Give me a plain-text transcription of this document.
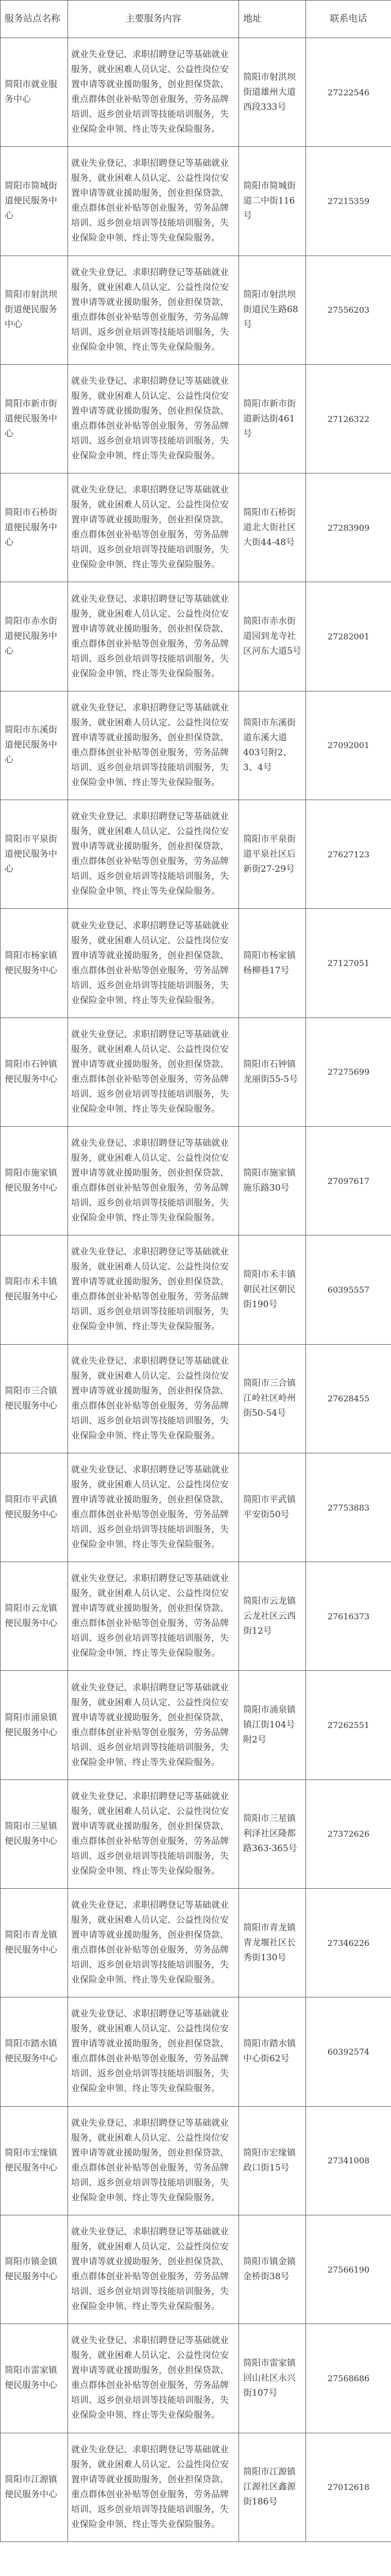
服务站点名称	主要服务内容	地址	联系电话
简阳市就业服务中心	就业失业登记、求职招聘登记等基础就业服务，就业困难人员认定、公益性岗位安置申请等就业援助服务，创业担保贷款、重点群体创业补贴等创业服务，劳务品牌培训、返乡创业培训等技能培训服务，失业保险金申领、终止等失业保险服务。	简阳市射洪坝街道雄州大道西段333号	27222546
简阳市简城街道便民服务中心	就业失业登记、求职招聘登记等基础就业服务，就业困难人员认定、公益性岗位安置申请等就业援助服务，创业担保贷款、重点群体创业补贴等创业服务，劳务品牌培训、返乡创业培训等技能培训服务，失业保险金申领、终止等失业保险服务。	简阳市简城街道二中街116号	27215359
简阳市射洪坝街道便民服务中心	就业失业登记、求职招聘登记等基础就业服务，就业困难人员认定、公益性岗位安置申请等就业援助服务，创业担保贷款、重点群体创业补贴等创业服务，劳务品牌培训、返乡创业培训等技能培训服务，失业保险金申领、终止等失业保险服务。	简阳市射洪坝街道民生路68号	27556203
简阳市新市街道便民服务中心	就业失业登记、求职招聘登记等基础就业服务，就业困难人员认定、公益性岗位安置申请等就业援助服务，创业担保贷款、重点群体创业补贴等创业服务，劳务品牌培训、返乡创业培训等技能培训服务，失业保险金申领、终止等失业保险服务。	简阳市新市街道新达街461号	27126322
简阳市石桥街道便民服务中心	就业失业登记、求职招聘登记等基础就业服务，就业困难人员认定、公益性岗位安置申请等就业援助服务，创业担保贷款、重点群体创业补贴等创业服务，劳务品牌培训、返乡创业培训等技能培训服务，失业保险金申领、终止等失业保险服务。	简阳市石桥街道北大街社区大街44-48号	27283909
简阳市赤水街道便民服务中心	就业失业登记、求职招聘登记等基础就业服务，就业困难人员认定、公益性岗位安置申请等就业援助服务，创业担保贷款、重点群体创业补贴等创业服务，劳务品牌培训、返乡创业培训等技能培训服务，失业保险金申领、终止等失业保险服务。	简阳市赤水街道园到龙寺社区河东大道5号	27282001
简阳市东溪街道便民服务中心	就业失业登记、求职招聘登记等基础就业服务，就业困难人员认定、公益性岗位安置申请等就业援助服务，创业担保贷款、重点群体创业补贴等创业服务，劳务品牌培训、返乡创业培训等技能培训服务，失业保险金申领、终止等失业保险服务。	简阳市东溪街道东溪大道403号附2、3、4号	27092001
简阳市平泉街道便民服务中心	就业失业登记、求职招聘登记等基础就业服务，就业困难人员认定、公益性岗位安置申请等就业援助服务，创业担保贷款、重点群体创业补贴等创业服务，劳务品牌培训、返乡创业培训等技能培训服务，失业保险金申领、终止等失业保险服务。	简阳市平泉街道平泉社区后新街27-29号	27627123
简阳市杨家镇便民服务中心	就业失业登记、求职招聘登记等基础就业服务，就业困难人员认定、公益性岗位安置申请等就业援助服务，创业担保贷款、重点群体创业补贴等创业服务，劳务品牌培训、返乡创业培训等技能培训服务，失业保险金申领、终止等失业保险服务。	简阳市杨家镇杨柳巷17号	27127051
简阳市石钟镇便民服务中心	就业失业登记、求职招聘登记等基础就业服务，就业困难人员认定、公益性岗位安置申请等就业援助服务，创业担保贷款、重点群体创业补贴等创业服务，劳务品牌培训、返乡创业培训等技能培训服务，失业保险金申领、终止等失业保险服务。	简阳市石钟镇龙丽街55-5号	27275699
简阳市施家镇便民服务中心	就业失业登记、求职招聘登记等基础就业服务，就业困难人员认定、公益性岗位安置申请等就业援助服务，创业担保贷款、重点群体创业补贴等创业服务，劳务品牌培训、返乡创业培训等技能培训服务，失业保险金申领、终止等失业保险服务。	简阳市施家镇施乐路30号	27097617
简阳市禾丰镇便民服务中心	就业失业登记、求职招聘登记等基础就业服务，就业困难人员认定、公益性岗位安置申请等就业援助服务，创业担保贷款、重点群体创业补贴等创业服务，劳务品牌培训、返乡创业培训等技能培训服务，失业保险金申领、终止等失业保险服务。	简阳市禾丰镇朝民社区朝民街190号	60395557
简阳市三合镇便民服务中心	就业失业登记、求职招聘登记等基础就业服务，就业困难人员认定、公益性岗位安置申请等就业援助服务，创业担保贷款、重点群体创业补贴等创业服务，劳务品牌培训、返乡创业培训等技能培训服务，失业保险金申领、终止等失业保险服务。	简阳市三合镇江岭社区岭州街50-54号	27628455
简阳市平武镇便民服务中心	就业失业登记、求职招聘登记等基础就业服务，就业困难人员认定、公益性岗位安置申请等就业援助服务，创业担保贷款、重点群体创业补贴等创业服务，劳务品牌培训、返乡创业培训等技能培训服务，失业保险金申领、终止等失业保险服务。	简阳市平武镇平安街50号	27753883
简阳市云龙镇便民服务中心	就业失业登记、求职招聘登记等基础就业服务，就业困难人员认定、公益性岗位安置申请等就业援助服务，创业担保贷款、重点群体创业补贴等创业服务，劳务品牌培训、返乡创业培训等技能培训服务，失业保险金申领、终止等失业保险服务。	简阳市云龙镇云龙社区云西街12号	27616373
简阳市涌泉镇便民服务中心	就业失业登记、求职招聘登记等基础就业服务，就业困难人员认定、公益性岗位安置申请等就业援助服务，创业担保贷款、重点群体创业补贴等创业服务，劳务品牌培训、返乡创业培训等技能培训服务，失业保险金申领、终止等失业保险服务。	简阳市涌泉镇镇江街104号附2号	27262551
简阳市三星镇便民服务中心	就业失业登记、求职招聘登记等基础就业服务，就业困难人员认定、公益性岗位安置申请等就业援助服务，创业担保贷款、重点群体创业补贴等创业服务，劳务品牌培训、返乡创业培训等技能培训服务，失业保险金申领、终止等失业保险服务。	简阳市三星镇利泽社区隆都路363-365号	27372626
简阳市青龙镇便民服务中心	就业失业登记、求职招聘登记等基础就业服务，就业困难人员认定、公益性岗位安置申请等就业援助服务，创业担保贷款、重点群体创业补贴等创业服务，劳务品牌培训、返乡创业培训等技能培训服务，失业保险金申领、终止等失业保险服务。	简阳市青龙镇青龙堰社区长秀街130号	27346226
简阳市踏水镇便民服务中心	就业失业登记、求职招聘登记等基础就业服务，就业困难人员认定、公益性岗位安置申请等就业援助服务，创业担保贷款、重点群体创业补贴等创业服务，劳务品牌培训、返乡创业培训等技能培训服务，失业保险金申领、终止等失业保险服务。	简阳市踏水镇中心街62号	60392574
简阳市宏缘镇便民服务中心	就业失业登记、求职招聘登记等基础就业服务，就业困难人员认定、公益性岗位安置申请等就业援助服务，创业担保贷款、重点群体创业补贴等创业服务，劳务品牌培训、返乡创业培训等技能培训服务，失业保险金申领、终止等失业保险服务。	简阳市宏缘镇政口街15号	27341008
简阳市镇金镇便民服务中心	就业失业登记、求职招聘登记等基础就业服务，就业困难人员认定、公益性岗位安置申请等就业援助服务，创业担保贷款、重点群体创业补贴等创业服务，劳务品牌培训、返乡创业培训等技能培训服务，失业保险金申领、终止等失业保险服务。	简阳市镇金镇金桥街38号	27566190
简阳市雷家镇便民服务中心	就业失业登记、求职招聘登记等基础就业服务，就业困难人员认定、公益性岗位安置申请等就业援助服务，创业担保贷款、重点群体创业补贴等创业服务，劳务品牌培训、返乡创业培训等技能培训服务，失业保险金申领、终止等失业保险服务。	简阳市雷家镇回山社区永兴街107号	27568686
简阳市江源镇便民服务中心	就业失业登记、求职招聘登记等基础就业服务，就业困难人员认定、公益性岗位安置申请等就业援助服务，创业担保贷款、重点群体创业补贴等创业服务，劳务品牌培训、返乡创业培训等技能培训服务，失业保险金申领、终止等失业保险服务。	简阳市江源镇江源社区鑫源街186号	27012618
